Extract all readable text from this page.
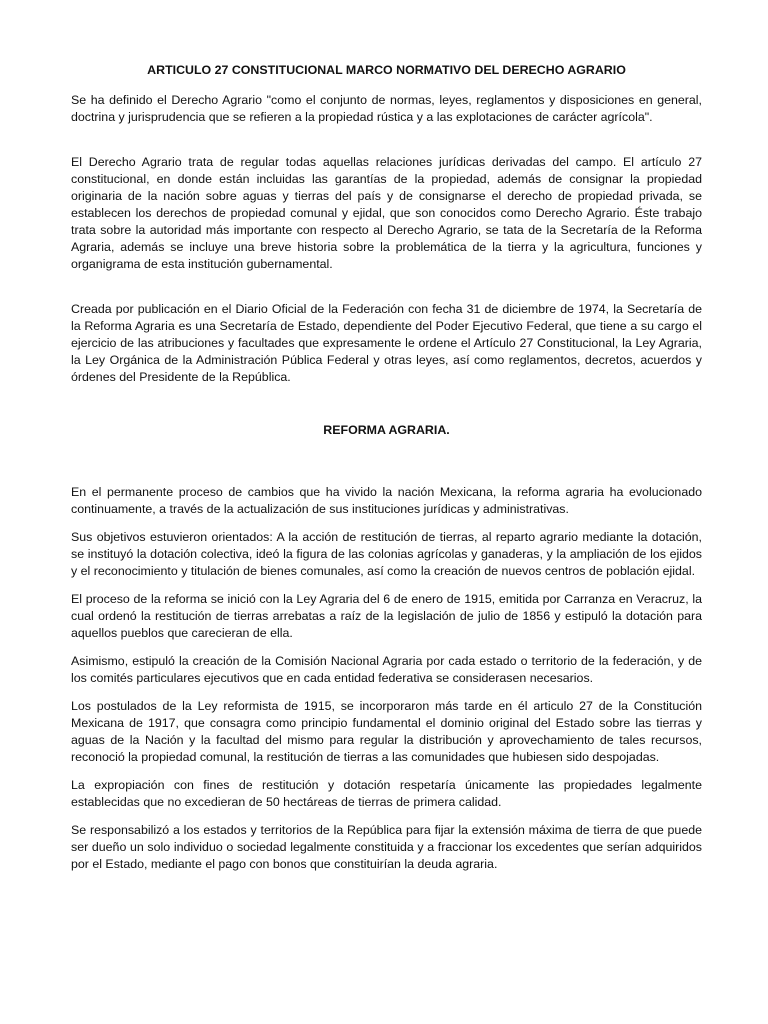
ARTICULO 27 CONSTITUCIONAL MARCO NORMATIVO DEL DERECHO AGRARIO

Se ha definido el Derecho Agrario "como el conjunto de normas, leyes, reglamentos y disposiciones en general, doctrina y jurisprudencia que se refieren a la propiedad rústica y a las explotaciones de carácter agrícola".

El Derecho Agrario trata de regular todas aquellas relaciones jurídicas derivadas del campo. El artículo 27 constitucional, en donde están incluidas las garantías de la propiedad, además de consignar la propiedad originaria de la nación sobre aguas y tierras del país y de consignarse el derecho de propiedad privada, se establecen los derechos de propiedad comunal y ejidal, que son conocidos como Derecho Agrario. Éste trabajo trata sobre la autoridad más importante con respecto al Derecho Agrario, se tata de la Secretaría de la Reforma Agraria, además se incluye una breve historia sobre la problemática de la tierra y la agricultura, funciones y organigrama de esta institución gubernamental.

Creada por publicación en el Diario Oficial de la Federación con fecha 31 de diciembre de 1974, la Secretaría de la Reforma Agraria es una Secretaría de Estado, dependiente del Poder Ejecutivo Federal, que tiene a su cargo el ejercicio de las atribuciones y facultades que expresamente le ordene el Artículo 27 Constitucional, la Ley Agraria, la Ley Orgánica de la Administración Pública Federal y otras leyes, así como reglamentos, decretos, acuerdos y órdenes del Presidente de la República.

REFORMA AGRARIA.

En el permanente proceso de cambios que ha vivido la nación Mexicana, la reforma agraria ha evolucionado continuamente, a través de la actualización de sus instituciones jurídicas y administrativas.

Sus objetivos estuvieron orientados: A la acción de restitución de tierras, al reparto agrario mediante la dotación, se instituyó la dotación colectiva, ideó la figura de las colonias agrícolas y ganaderas, y la ampliación de los ejidos y el reconocimiento y titulación de bienes comunales, así como la creación de nuevos centros de población ejidal.

El proceso de la reforma se inició con la Ley Agraria del 6 de enero de 1915, emitida por Carranza en Veracruz, la cual ordenó la restitución de tierras arrebatas a raíz de la legislación de julio de 1856 y estipuló la dotación para aquellos pueblos que carecieran de ella.

Asimismo, estipuló la creación de la Comisión Nacional Agraria por cada estado o territorio de la federación, y de los comités particulares ejecutivos que en cada entidad federativa se considerasen necesarios.

Los postulados de la Ley reformista de 1915, se incorporaron más tarde en él articulo 27 de la Constitución Mexicana de 1917, que consagra como principio fundamental el dominio original del Estado sobre las tierras y aguas de la Nación y la facultad del mismo para regular la distribución y aprovechamiento de tales recursos, reconoció la propiedad comunal, la restitución de tierras a las comunidades que hubiesen sido despojadas.

La expropiación con fines de restitución y dotación respetaría únicamente las propiedades legalmente establecidas que no excedieran de 50 hectáreas de tierras de primera calidad.

Se responsabilizó a los estados y territorios de la República para fijar la extensión máxima de tierra de que puede ser dueño un solo individuo o sociedad legalmente constituida y a fraccionar los excedentes que serían adquiridos por el Estado, mediante el pago con bonos que constituirían la deuda agraria.
